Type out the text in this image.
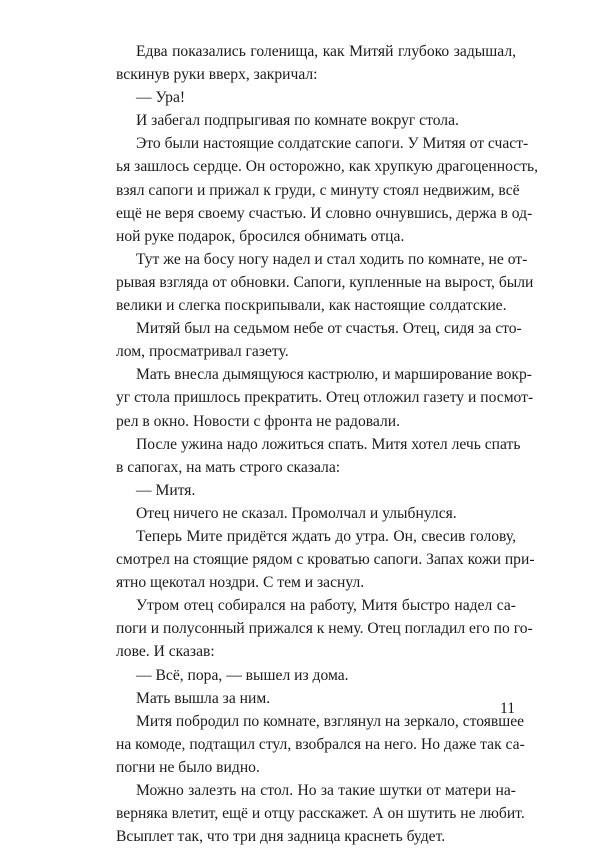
Едва показались голенища, как Митяй глубоко задышал,
вскинув руки вверх, закричал:
— Ура!
И забегал подпрыгивая по комнате вокруг стола.
Это были настоящие солдатские сапоги. У Митяя от счаст-
ья зашлось сердце. Он осторожно, как хрупкую драгоценность,
взял сапоги и прижал к груди, с минуту стоял недвижим, всё
ещё не веря своему счастью. И словно очнувшись, держа в од-
ной руке подарок, бросился обнимать отца.
Тут же на босу ногу надел и стал ходить по комнате, не от-
рывая взгляда от обновки. Сапоги, купленные на вырост, были
велики и слегка поскрипывали, как настоящие солдатские.
Митяй был на седьмом небе от счастья. Отец, сидя за сто-
лом, просматривал газету.
Мать внесла дымящуюся кастрюлю, и марширование вокр-
уг стола пришлось прекратить. Отец отложил газету и посмот-
рел в окно. Новости с фронта не радовали.
После ужина надо ложиться спать. Митя хотел лечь спать
в сапогах, на мать строго сказала:
— Митя.
Отец ничего не сказал. Промолчал и улыбнулся.
Теперь Мите придётся ждать до утра. Он, свесив голову,
смотрел на стоящие рядом с кроватью сапоги. Запах кожи при-
ятно щекотал ноздри. С тем и заснул.
Утром отец собирался на работу, Митя быстро надел са-
поги и полусонный прижался к нему. Отец погладил его по го-
лове. И сказав:
— Всё, пора, — вышел из дома.
Мать вышла за ним.
Митя побродил по комнате, взглянул на зеркало, стоявшее
на комоде, подтащил стул, взобрался на него. Но даже так са-
погни не было видно.
Можно залезть на стол. Но за такие шутки от матери на-
верняка влетит, ещё и отцу расскажет. А он шутить не любит.
Всыплет так, что три дня задница краснеть будет.
11
